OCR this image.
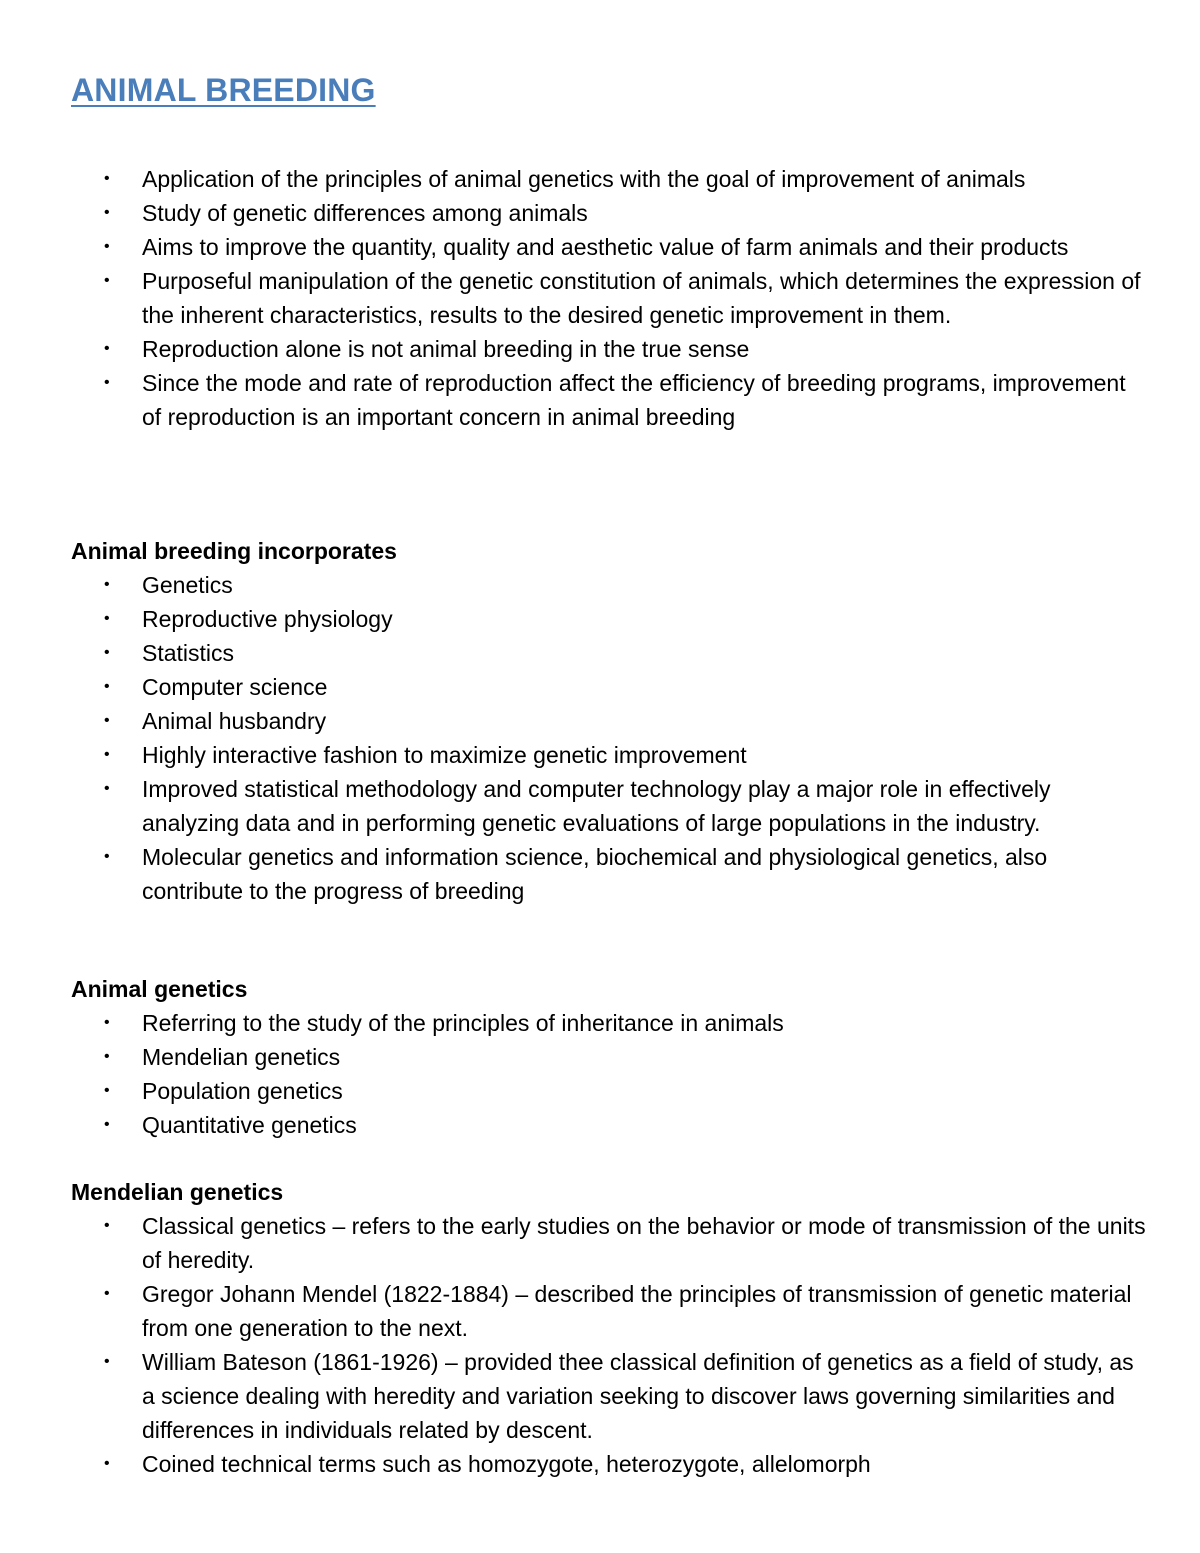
ANIMAL BREEDING
• Application of the principles of animal genetics with the goal of improvement of animals
• Study of genetic differences among animals
• Aims to improve the quantity, quality and aesthetic value of farm animals and their products
• Purposeful manipulation of the genetic constitution of animals, which determines the expression of the inherent characteristics, results to the desired genetic improvement in them.
• Reproduction alone is not animal breeding in the true sense
• Since the mode and rate of reproduction affect the efficiency of breeding programs, improvement of reproduction is an important concern in animal breeding
Animal breeding incorporates
• Genetics
• Reproductive physiology
• Statistics
• Computer science
• Animal husbandry
• Highly interactive fashion to maximize genetic improvement
• Improved statistical methodology and computer technology play a major role in effectively analyzing data and in performing genetic evaluations of large populations in the industry.
• Molecular genetics and information science, biochemical and physiological genetics, also contribute to the progress of breeding
Animal genetics
• Referring to the study of the principles of inheritance in animals
• Mendelian genetics
• Population genetics
• Quantitative genetics
Mendelian genetics
• Classical genetics – refers to the early studies on the behavior or mode of transmission of the units of heredity.
• Gregor Johann Mendel (1822-1884) – described the principles of transmission of genetic material from one generation to the next.
• William Bateson (1861-1926) – provided thee classical definition of genetics as a field of study, as a science dealing with heredity and variation seeking to discover laws governing similarities and differences in individuals related by descent.
• Coined technical terms such as homozygote, heterozygote, allelomorph
